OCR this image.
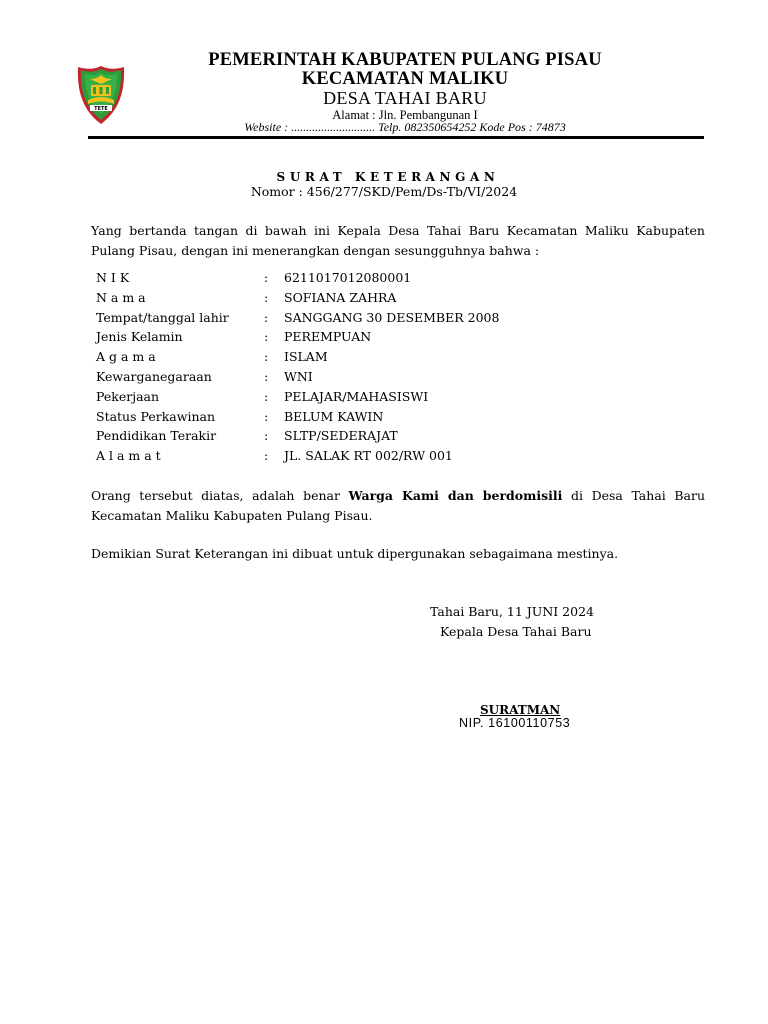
TETE
PEMERINTAH KABUPATEN PULANG PISAU
KECAMATAN MALIKU
DESA TAHAI BARU
Alamat : Jln. Pembangunan I
Website : ............................ Telp. 082350654252 Kode Pos : 74873
SURAT KETERANGAN
Nomor : 456/277/SKD/Pem/Ds-Tb/VI/2024
Yang bertanda tangan di bawah ini Kepala Desa Tahai Baru Kecamatan Maliku Kabupaten Pulang Pisau, dengan ini menerangkan dengan sesungguhnya bahwa :
N I K	: 6211017012080001
N a m a	: SOFIANA ZAHRA
Tempat/tanggal lahir	: SANGGANG 30 DESEMBER 2008
Jenis Kelamin	: PEREMPUAN
A g a m a	: ISLAM
Kewarganegaraan	: WNI
Pekerjaan	: PELAJAR/MAHASISWI
Status Perkawinan	: BELUM KAWIN
Pendidikan Terakir	: SLTP/SEDERAJAT
A l a m a t	: JL. SALAK RT 002/RW 001
Orang tersebut diatas, adalah benar Warga Kami dan berdomisili di Desa Tahai Baru Kecamatan Maliku Kabupaten Pulang Pisau.
Demikian Surat Keterangan ini dibuat untuk dipergunakan sebagaimana mestinya.
Tahai Baru, 11 JUNI 2024
Kepala Desa Tahai Baru
SURATMAN
NIP. 16100110753
